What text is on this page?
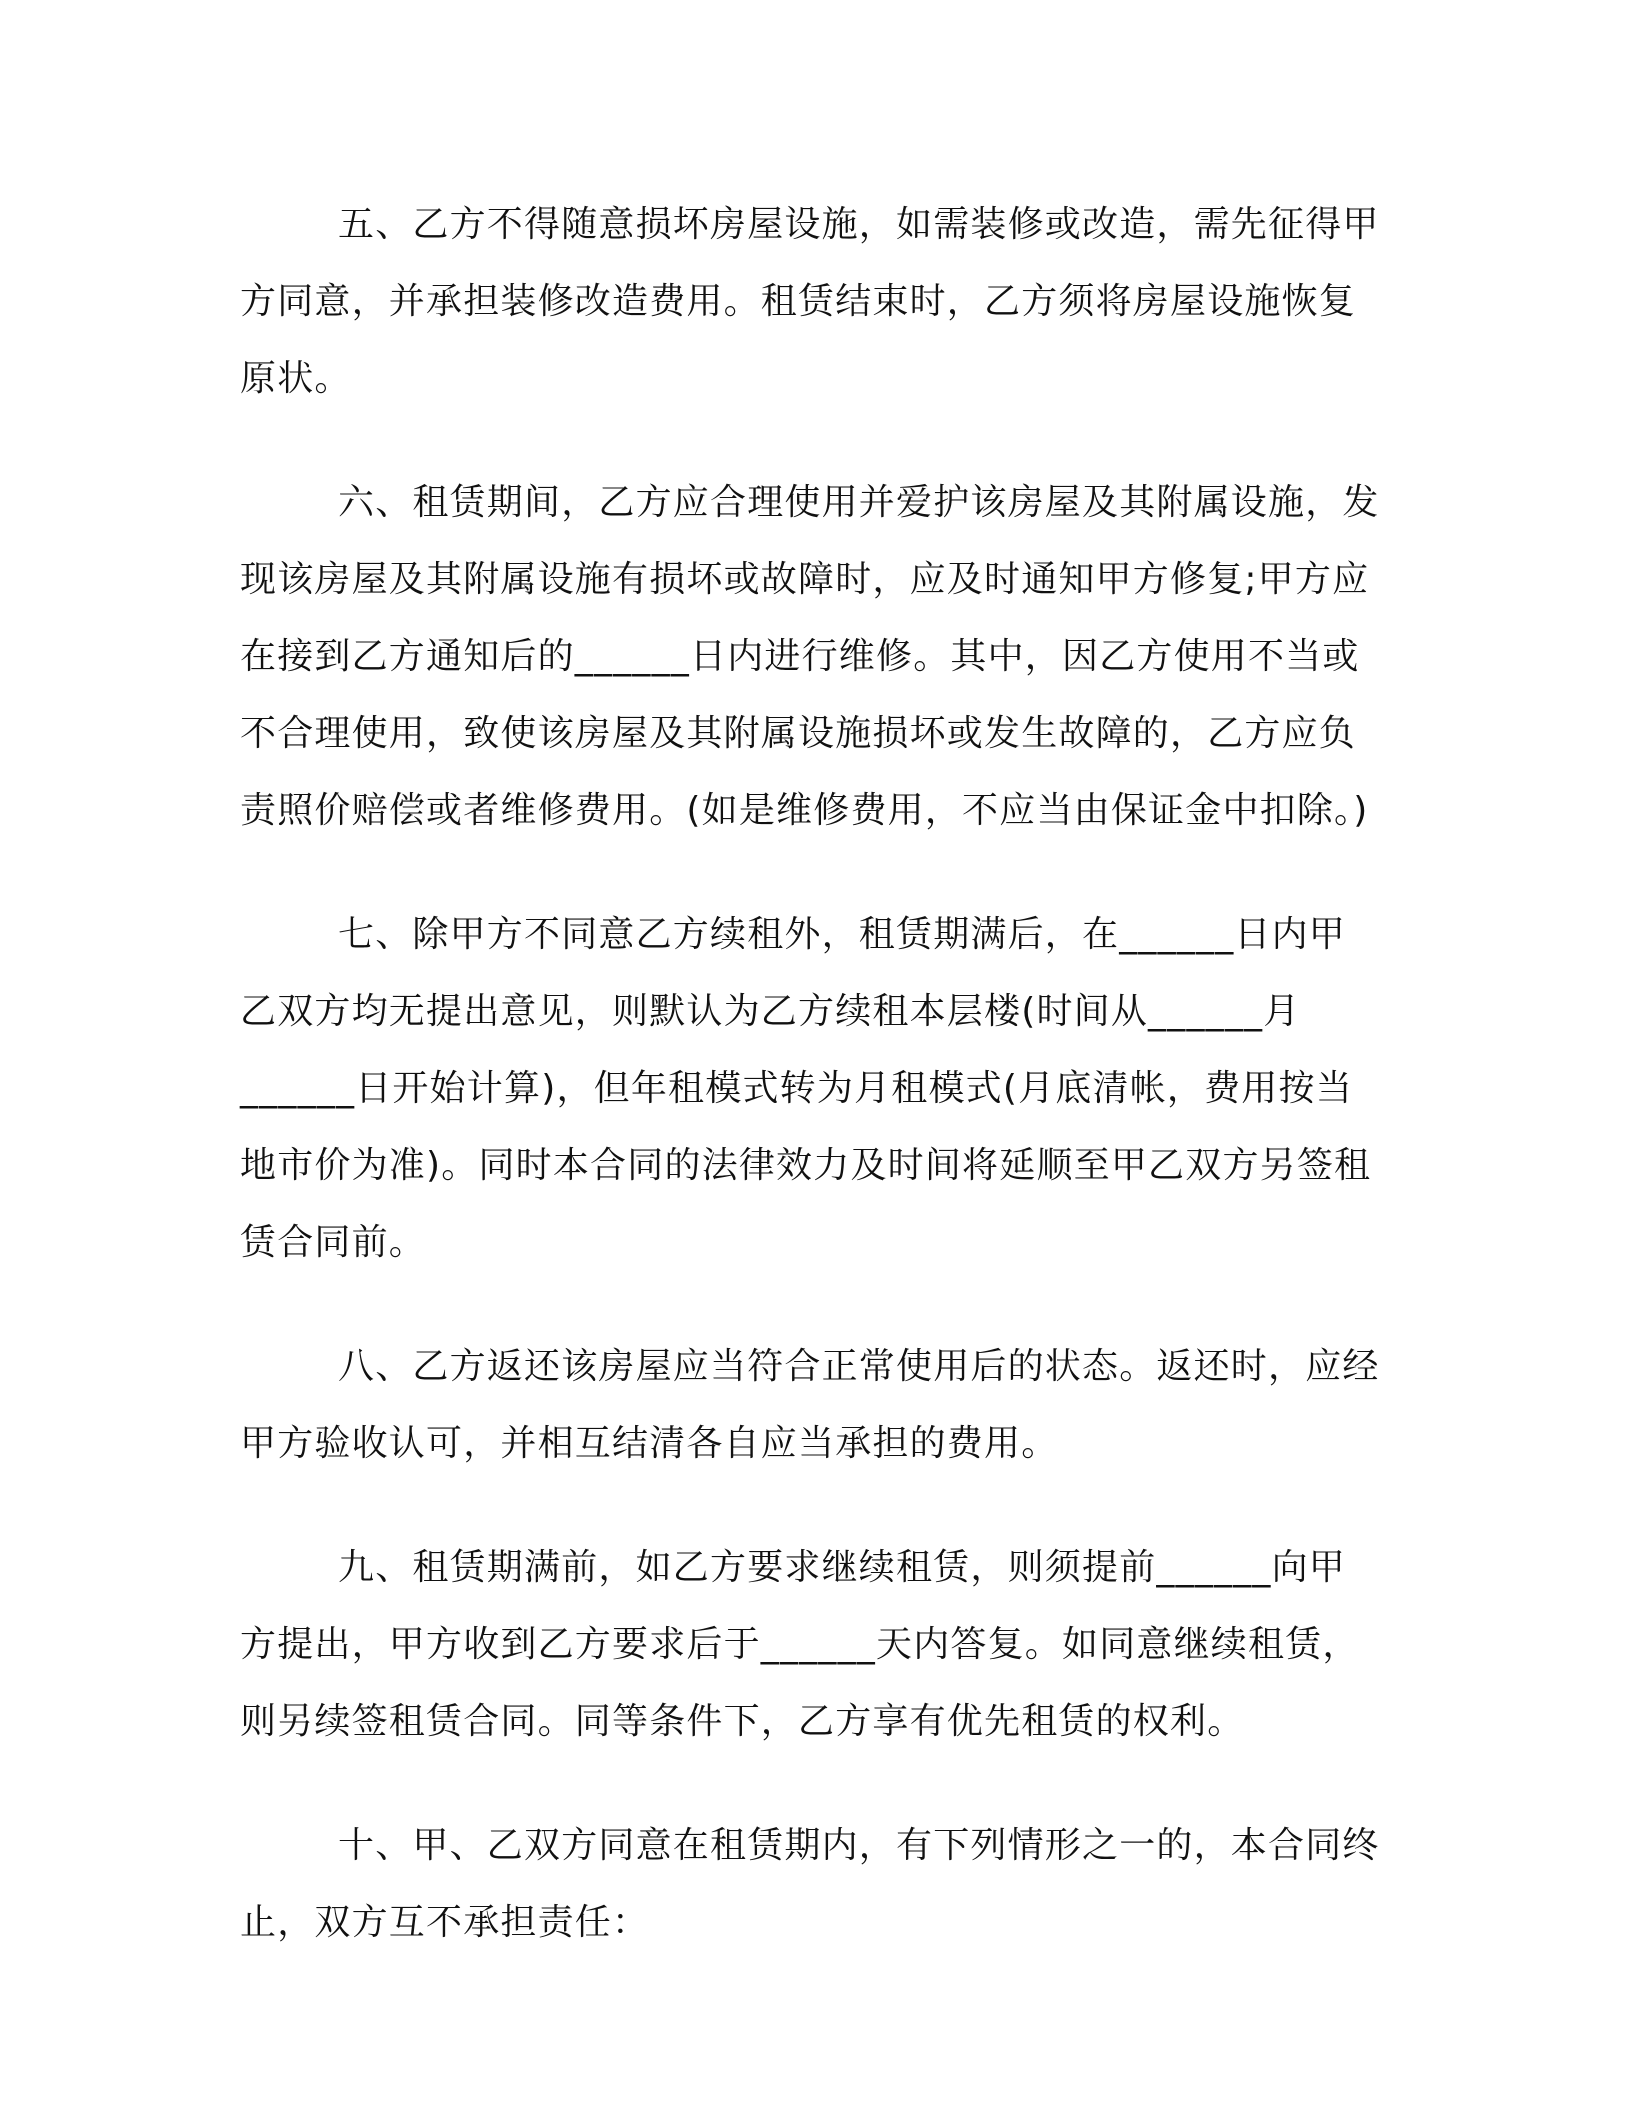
五、乙方不得随意损坏房屋设施，如需装修或改造，需先征得甲
方同意，并承担装修改造费用。租赁结束时，乙方须将房屋设施恢复
原状。

六、租赁期间，乙方应合理使用并爱护该房屋及其附属设施，发
现该房屋及其附属设施有损坏或故障时，应及时通知甲方修复;甲方应
在接到乙方通知后的______日内进行维修。其中，因乙方使用不当或
不合理使用，致使该房屋及其附属设施损坏或发生故障的，乙方应负
责照价赔偿或者维修费用。(如是维修费用，不应当由保证金中扣除。)

七、除甲方不同意乙方续租外，租赁期满后，在______日内甲
乙双方均无提出意见，则默认为乙方续租本层楼(时间从______月
______日开始计算)，但年租模式转为月租模式(月底清帐，费用按当
地市价为准)。同时本合同的法律效力及时间将延顺至甲乙双方另签租
赁合同前。

八、乙方返还该房屋应当符合正常使用后的状态。返还时，应经
甲方验收认可，并相互结清各自应当承担的费用。

九、租赁期满前，如乙方要求继续租赁，则须提前______向甲
方提出，甲方收到乙方要求后于______天内答复。如同意继续租赁，
则另续签租赁合同。同等条件下，乙方享有优先租赁的权利。

十、甲、乙双方同意在租赁期内，有下列情形之一的，本合同终
止，双方互不承担责任：
